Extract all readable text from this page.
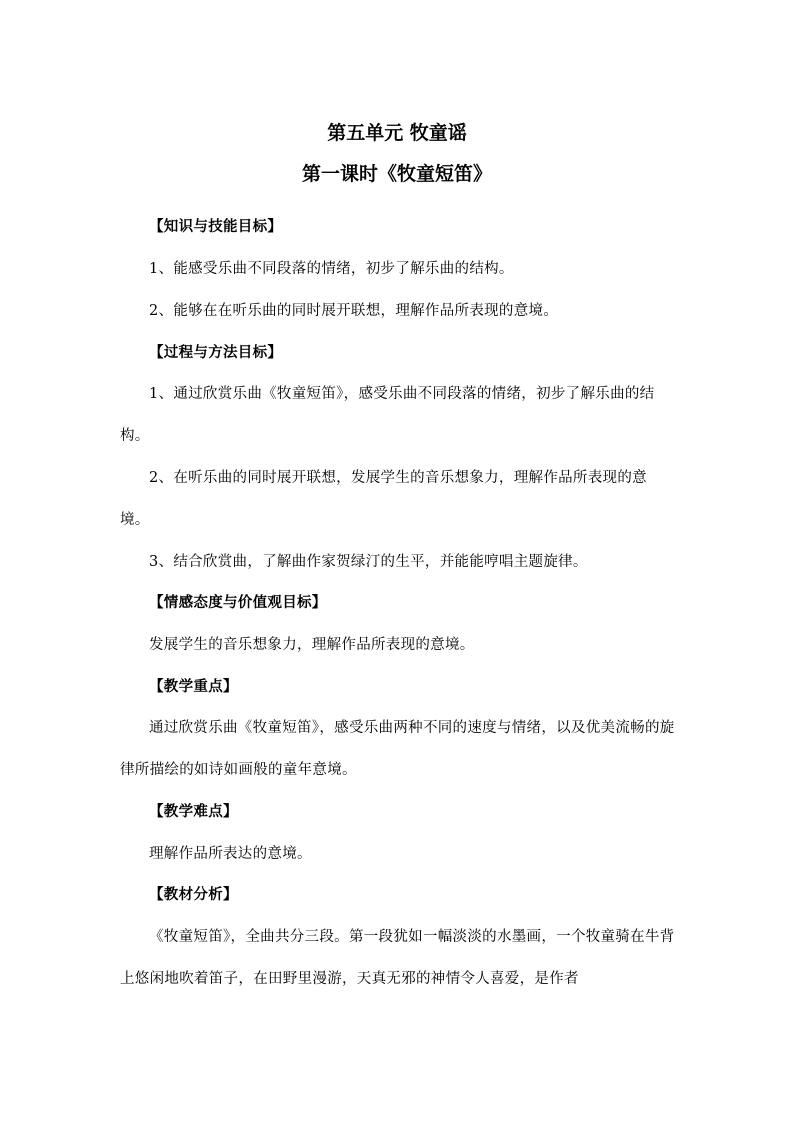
第五单元 牧童谣
第一课时《牧童短笛》

【知识与技能目标】

1、能感受乐曲不同段落的情绪，初步了解乐曲的结构。

2、能够在在听乐曲的同时展开联想，理解作品所表现的意境。

【过程与方法目标】

1、通过欣赏乐曲《牧童短笛》，感受乐曲不同段落的情绪，初步了解乐曲的结构。

2、在听乐曲的同时展开联想，发展学生的音乐想象力，理解作品所表现的意境。

3、结合欣赏曲，了解曲作家贺绿汀的生平，并能能哼唱主题旋律。

【情感态度与价值观目标】

发展学生的音乐想象力，理解作品所表现的意境。

【教学重点】

通过欣赏乐曲《牧童短笛》，感受乐曲两种不同的速度与情绪，以及优美流畅的旋律所描绘的如诗如画般的童年意境。

【教学难点】

理解作品所表达的意境。

【教材分析】

《牧童短笛》，全曲共分三段。第一段犹如一幅淡淡的水墨画，一个牧童骑在牛背上悠闲地吹着笛子，在田野里漫游，天真无邪的神情令人喜爱，是作者
